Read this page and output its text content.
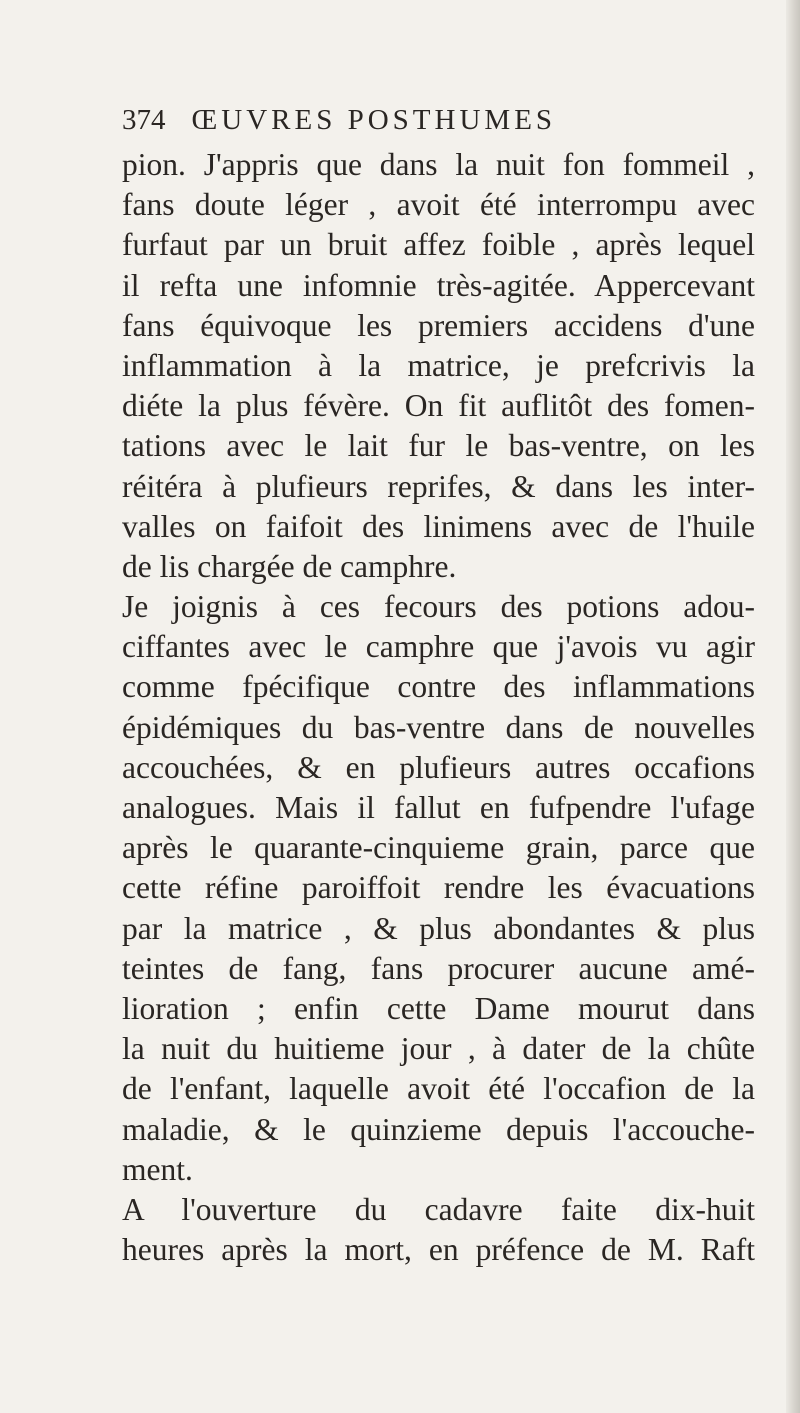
374 ŒUVRES POSTHUMES
pion. J'appris que dans la nuit fon fommeil ,
fans doute léger , avoit été interrompu avec
furfaut par un bruit affez foible , après lequel
il refta une infomnie très-agitée. Appercevant
fans équivoque les premiers accidens d'une
inflammation à la matrice, je prefcrivis la
diéte la plus févère. On fit auflitôt des fomen-
tations avec le lait fur le bas-ventre, on les
réitéra à plufieurs reprifes, & dans les inter-
valles on faifoit des linimens avec de l'huile
de lis chargée de camphre.
Je joignis à ces fecours des potions adou-
ciffantes avec le camphre que j'avois vu agir
comme fpécifique contre des inflammations
épidémiques du bas-ventre dans de nouvelles
accouchées, & en plufieurs autres occafions
analogues. Mais il fallut en fufpendre l'ufage
après le quarante-cinquieme grain, parce que
cette réfine paroiffoit rendre les évacuations
par la matrice , & plus abondantes & plus
teintes de fang, fans procurer aucune amé-
lioration ; enfin cette Dame mourut dans
la nuit du huitieme jour , à dater de la chûte
de l'enfant, laquelle avoit été l'occafion de la
maladie, & le quinzieme depuis l'accouche-
ment.
A l'ouverture du cadavre faite dix-huit
heures après la mort, en préfence de M. Raft
